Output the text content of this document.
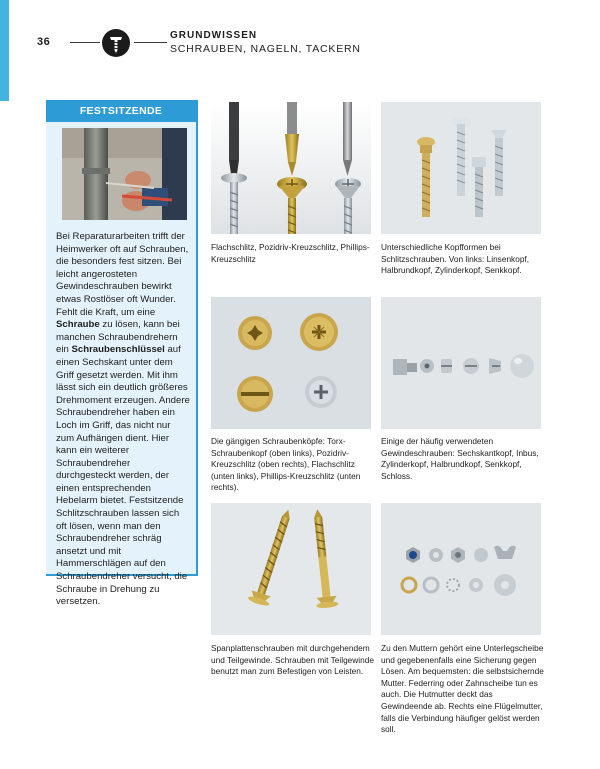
36
GRUNDWISSEN
SCHRAUBEN, NAGELN, TACKERN
FESTSITZENDE

Bei Reparaturarbeiten trifft der Heimwerker oft auf Schrauben, die besonders fest sitzen. Bei leicht angerosteten Gewindeschrauben bewirkt etwas Rostlöser oft Wunder.

Fehlt die Kraft, um eine Schraube zu lösen, kann bei manchen Schraubendrehern ein Schraubenschlüssel auf einen Sechskant unter dem Griff gesetzt werden. Mit ihm lässt sich ein deutlich größeres Drehmoment erzeugen. Andere Schraubendreher haben ein Loch im Griff, das nicht nur zum Aufhängen dient. Hier kann ein weiterer Schraubendreher durchgesteckt werden, der einen entsprechenden Hebelarm bietet. Festsitzende Schlitzschrauben lassen sich oft lösen, wenn man den Schraubendreher schräg ansetzt und mit Hammerschlägen auf den Schraubendreher versucht, die Schraube in Drehung zu versetzen.

Flachschlitz, Pozidriv-Kreuzschlitz, Phillips-Kreuzschlitz
Unterschiedliche Kopfformen bei Schlitzschrauben. Von links: Linsenkopf, Halbrundkopf, Zylinderkopf, Senkkopf.
Die gängigen Schraubenköpfe: Torx-Schraubenkopf (oben links), Pozidriv-Kreuzschlitz (oben rechts), Flachschlitz (unten links), Phillips-Kreuzschlitz (unten rechts).
Einige der häufig verwendeten Gewindeschrauben: Sechskantkopf, Inbus, Zylinderkopf, Halbrundkopf, Senkkopf, Schloss.
Spanplattenschrauben mit durchgehendem und Teilgewinde. Schrauben mit Teilgewinde benutzt man zum Befestigen von Leisten.
Zu den Muttern gehört eine Unterlegscheibe und gegebenenfalls eine Sicherung gegen Lösen. Am bequemsten: die selbstsichernde Mutter. Federring oder Zahnscheibe tun es auch. Die Hutmutter deckt das Gewindeende ab. Rechts eine Flügelmutter, falls die Verbindung häufiger gelöst werden soll.
